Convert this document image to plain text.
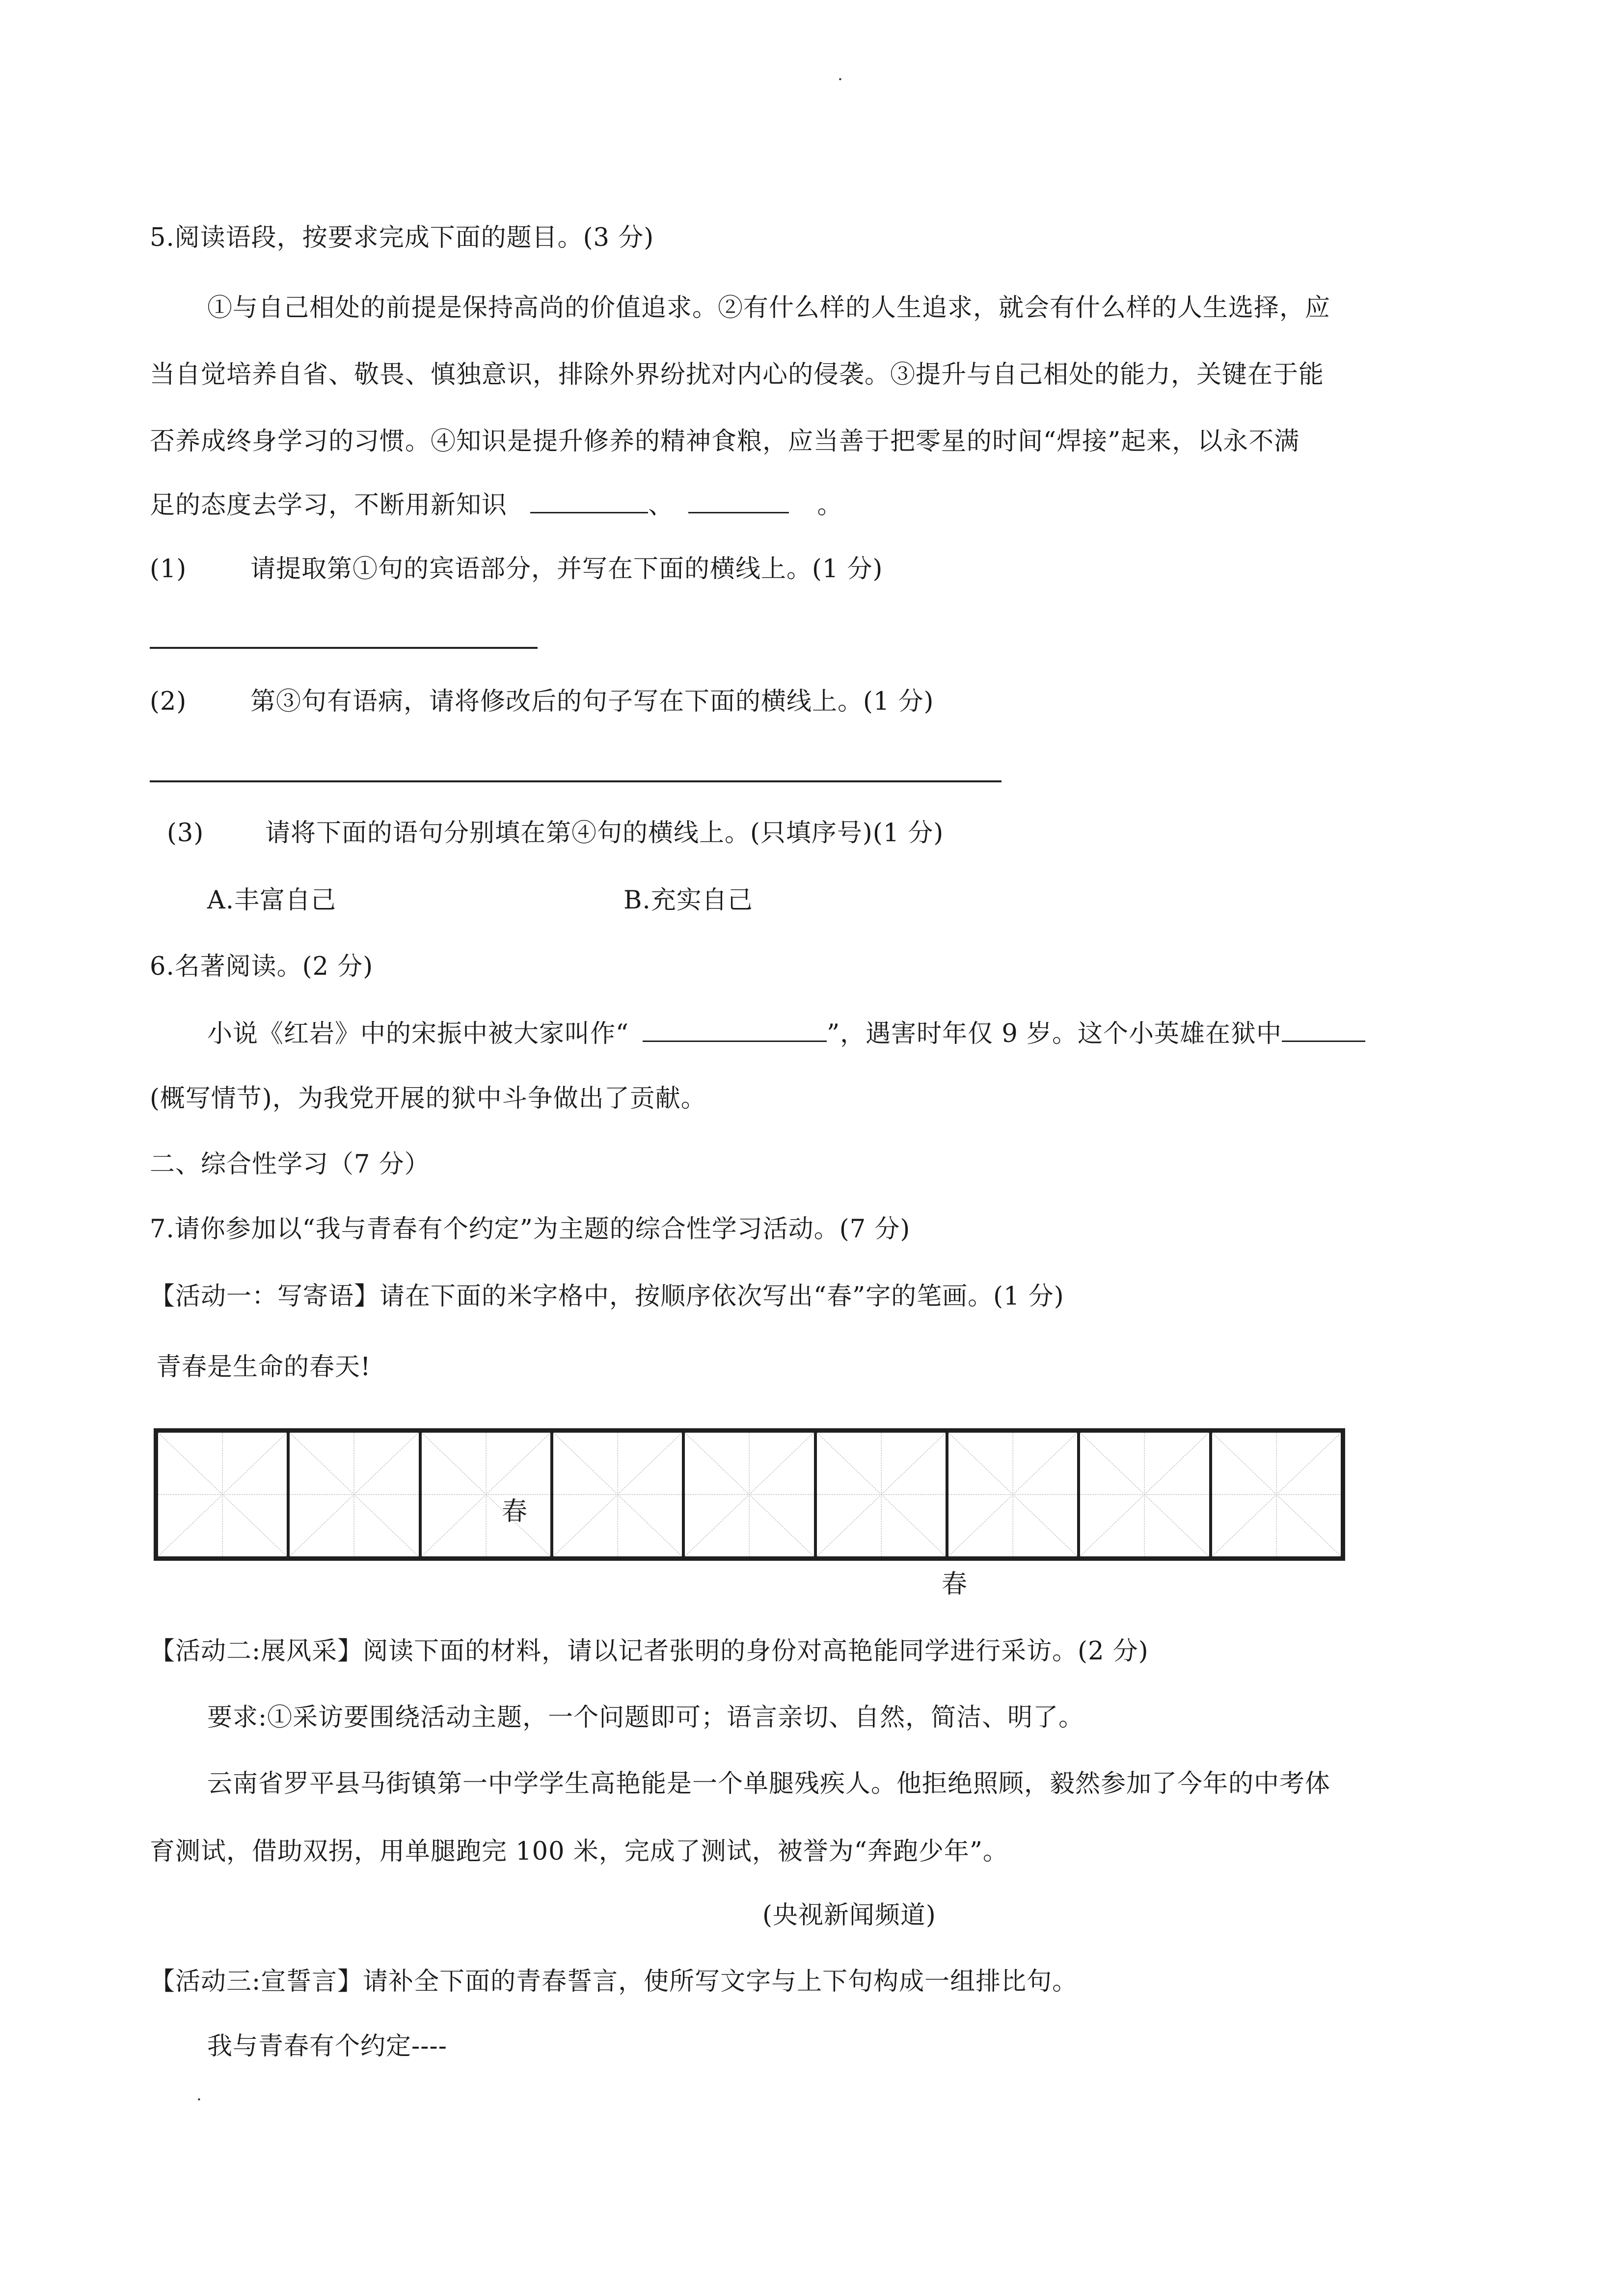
.
5.阅读语段，按要求完成下面的题目。(3 分)
①与自己相处的前提是保持高尚的价值追求。②有什么样的人生追求，就会有什么样的人生选择，应
当自觉培养自省、敬畏、慎独意识，排除外界纷扰对内心的侵袭。③提升与自己相处的能力，关键在于能
否养成终身学习的习惯。④知识是提升修养的精神食粮，应当善于把零星的时间“焊接”起来，以永不满
足的态度去学习，不断用新知识	、	。
(1)	请提取第①句的宾语部分，并写在下面的横线上。(1 分)
(2)	第③句有语病，请将修改后的句子写在下面的横线上。(1 分)
(3) 请将下面的语句分别填在第④句的横线上。(只填序号)(1 分)
A.丰富自己	B.充实自己
6.名著阅读。(2 分)
小说《红岩》中的宋振中被大家叫作“	”，遇害时年仅 9 岁。这个小英雄在狱中
(概写情节)，为我党开展的狱中斗争做出了贡献。
二、综合性学习（7 分）
7.请你参加以“我与青春有个约定”为主题的综合性学习活动。(7 分)
【活动一：写寄语】请在下面的米字格中，按顺序依次写出“春”字的笔画。(1 分)
青春是生命的春天!
春
春
【活动二:展风采】阅读下面的材料，请以记者张明的身份对高艳能同学进行采访。(2 分)
要求:①采访要围绕活动主题，一个问题即可；语言亲切、自然，简洁、明了。
云南省罗平县马街镇第一中学学生高艳能是一个单腿残疾人。他拒绝照顾，毅然参加了今年的中考体
育测试，借助双拐，用单腿跑完 100 米，完成了测试，被誉为“奔跑少年”。
(央视新闻频道)
【活动三:宣誓言】请补全下面的青春誓言，使所写文字与上下句构成一组排比句。
我与青春有个约定----
.
